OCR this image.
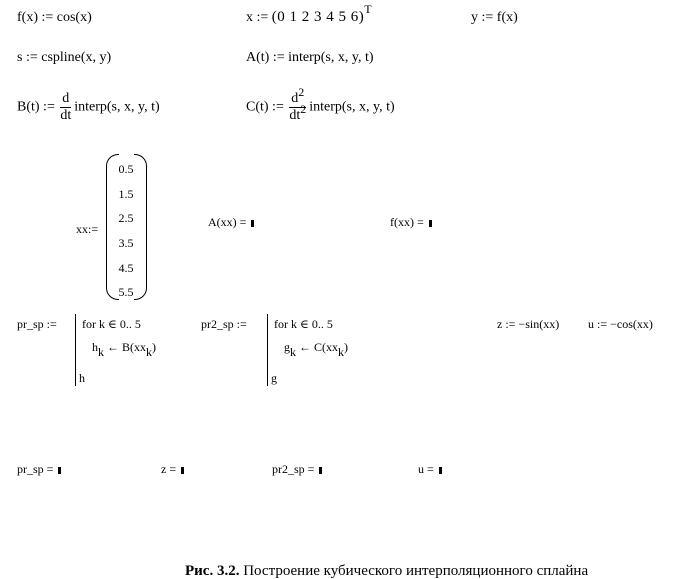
f(x) := cos(x)	x := (0 1 2 3 4 5 6)T
y := f(x)
s := cspline(x, y)	A(t) := interp(s, x, y, t)
B(t) := $\frac{d}{dt}$ interp(s, x, y, t)	C(t) := $\frac{d2}{dt2}$ interp(s, x, y, t)
xx:=
0.5
1.5
2.5
3.5
4.5
5.5
A(xx) =	f(xx) =
pr_sp := for k ∈ 0.. 5
hk ← B(xxk)
h
pr2_sp := for k ∈ 0.. 5
gk ← C(xxk)
g
z := −sin(xx) u := −cos(xx)
pr_sp =	z =	pr2_sp =	u =
Рис. 3.2. Построение кубического интерполяционного сплайна
